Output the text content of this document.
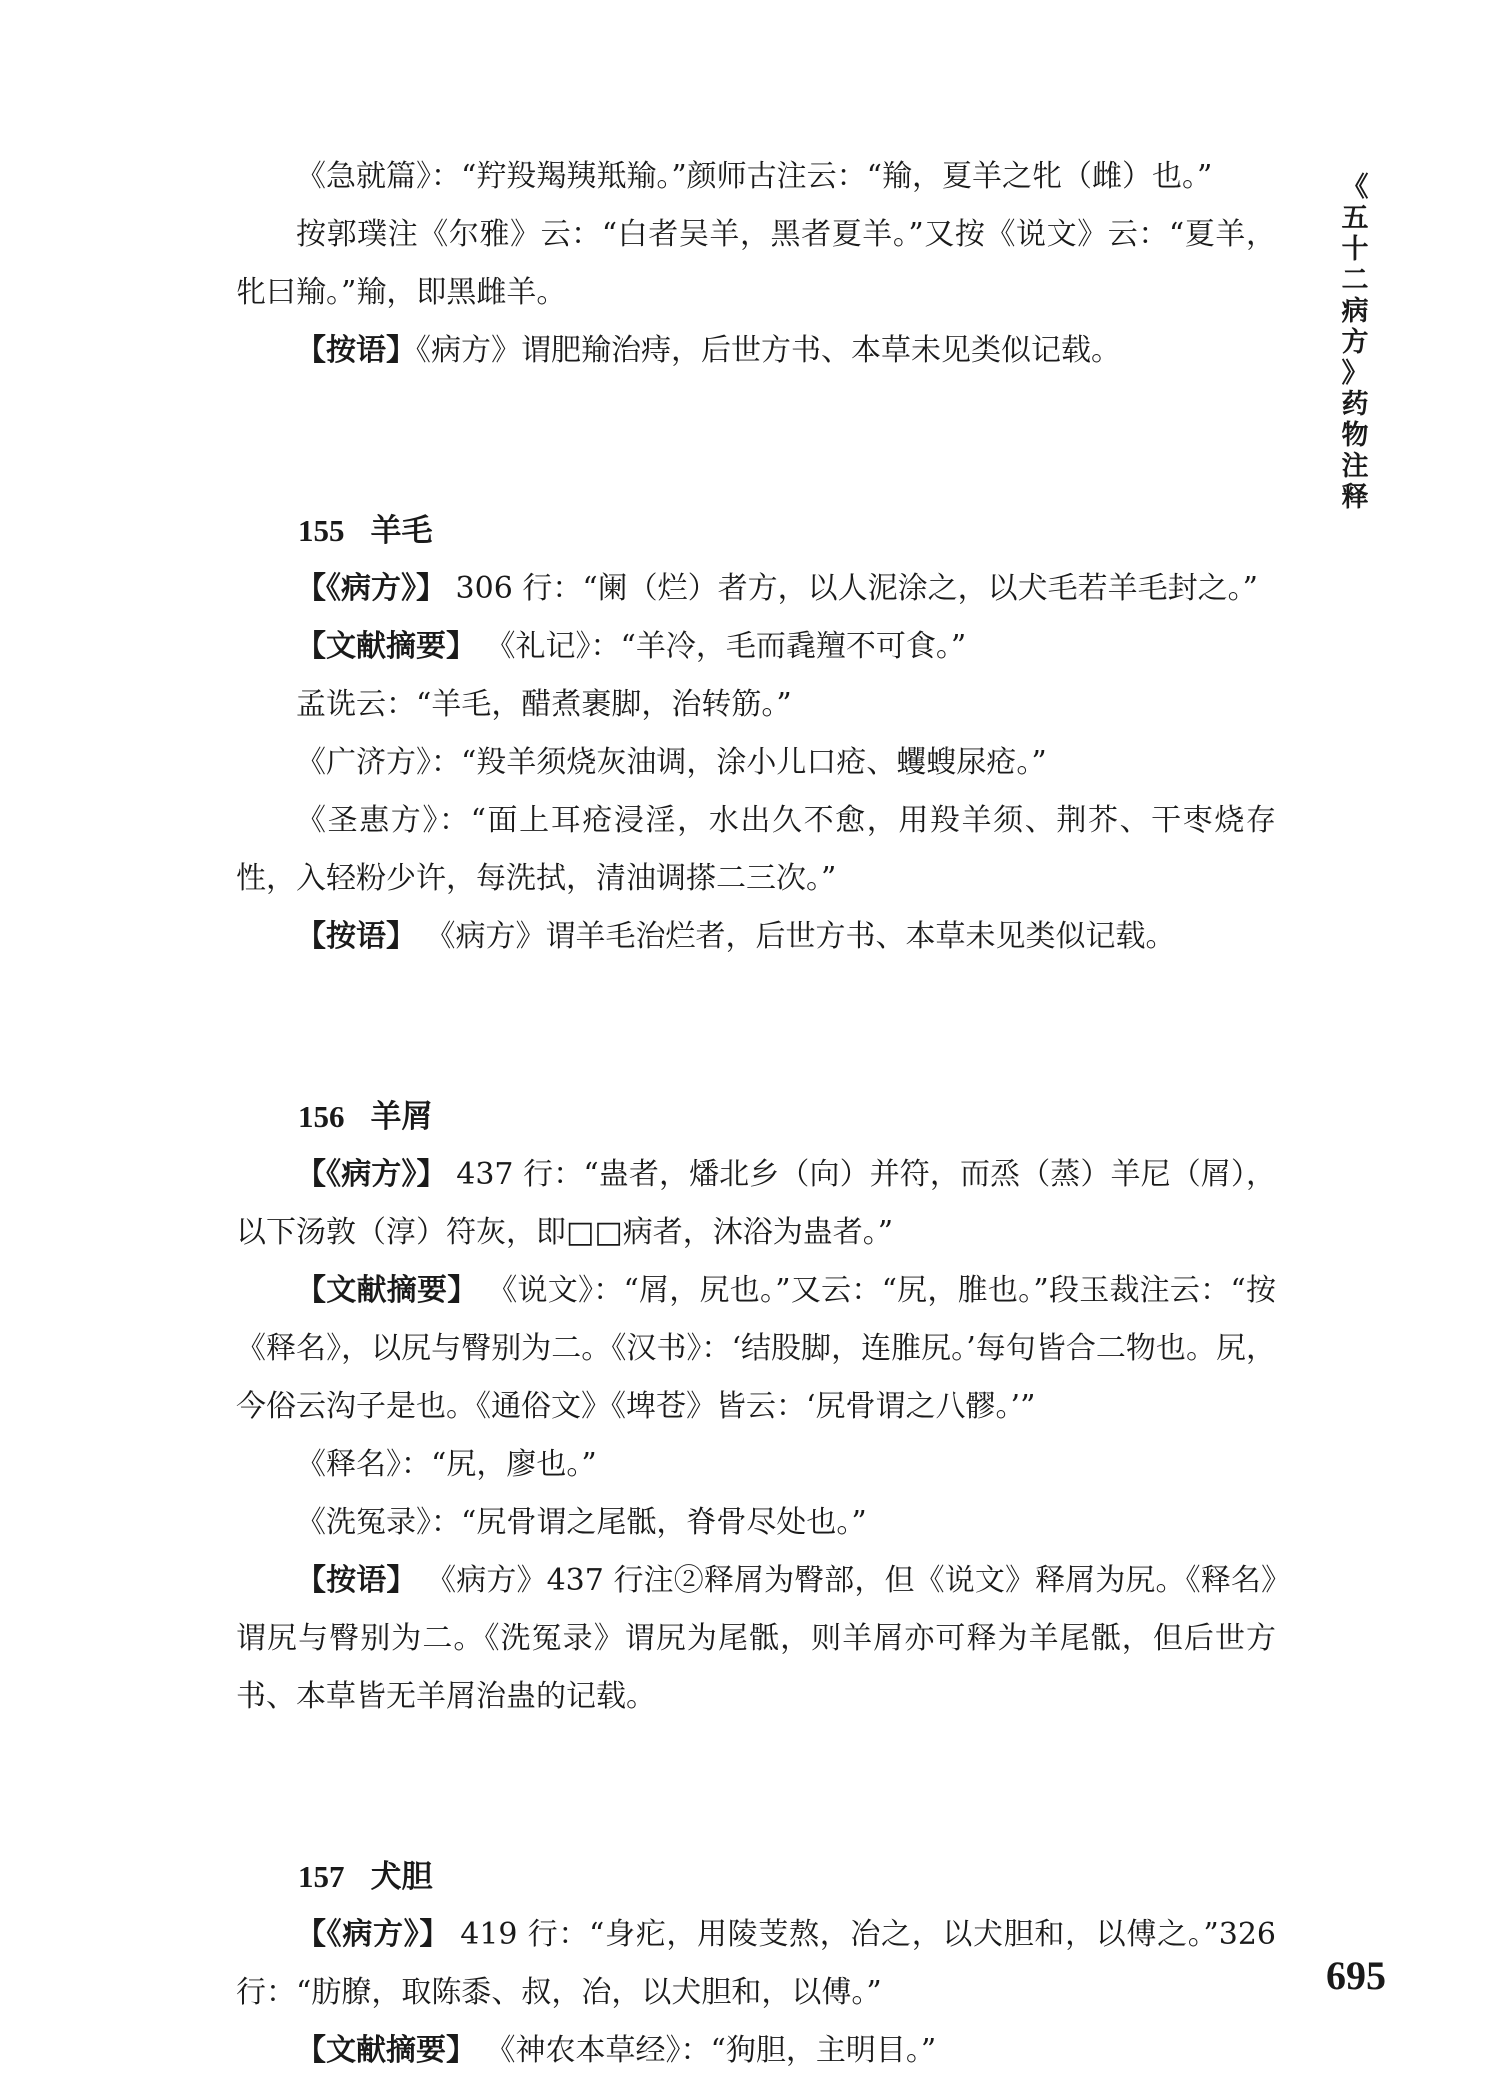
《急就篇》：“羜羖羯羠羝羭。”颜师古注云：“羭，夏羊之牝（雌）也。”

按郭璞注《尔雅》云：“白者吴羊，黑者夏羊。”又按《说文》云：“夏羊，牝曰羭。”羭，即黑雌羊。

【按语】《病方》谓肥羭治痔，后世方书、本草未见类似记载。

155 羊毛

【《病方》】 306 行：“阑（烂）者方，以人泥涂之，以犬毛若羊毛封之。”

【文献摘要】 《礼记》：“羊冷，毛而毳羶不可食。”

孟诜云：“羊毛，醋煮裹脚，治转筋。”

《广济方》：“羖羊须烧灰油调，涂小儿口疮、蠼螋尿疮。”

《圣惠方》：“面上耳疮浸淫，水出久不愈，用羖羊须、荆芥、干枣烧存性，入轻粉少许，每洗拭，清油调搽二三次。”

【按语】 《病方》谓羊毛治烂者，后世方书、本草未见类似记载。

156 羊屑

【《病方》】 437 行：“蛊者，燔北乡（向）并符，而烝（蒸）羊尼（屑），以下汤敦（淳）符灰，即□□病者，沐浴为蛊者。”

【文献摘要】 《说文》：“屑，尻也。”又云：“尻，脽也。”段玉裁注云：“按《释名》，以尻与臀别为二。《汉书》：‘结股脚，连脽尻。’每句皆合二物也。尻，今俗云沟子是也。《通俗文》《埤苍》皆云：‘尻骨谓之八髎。’”

《释名》：“尻，廖也。”

《洗冤录》：“尻骨谓之尾骶，脊骨尽处也。”

【按语】 《病方》437 行注②释屑为臀部，但《说文》释屑为尻。《释名》谓尻与臀别为二。《洗冤录》谓尻为尾骶，则羊屑亦可释为羊尾骶，但后世方书、本草皆无羊屑治蛊的记载。

157 犬胆

【《病方》】 419 行：“身疕，用陵芰熬，冶之，以犬胆和，以傅之。”326 行：“肪膫，取陈黍、叔，冶，以犬胆和，以傅。”

【文献摘要】 《神农本草经》：“狗胆，主明目。”

《
五
十
二
病
方
》
药
物
注
释
695
